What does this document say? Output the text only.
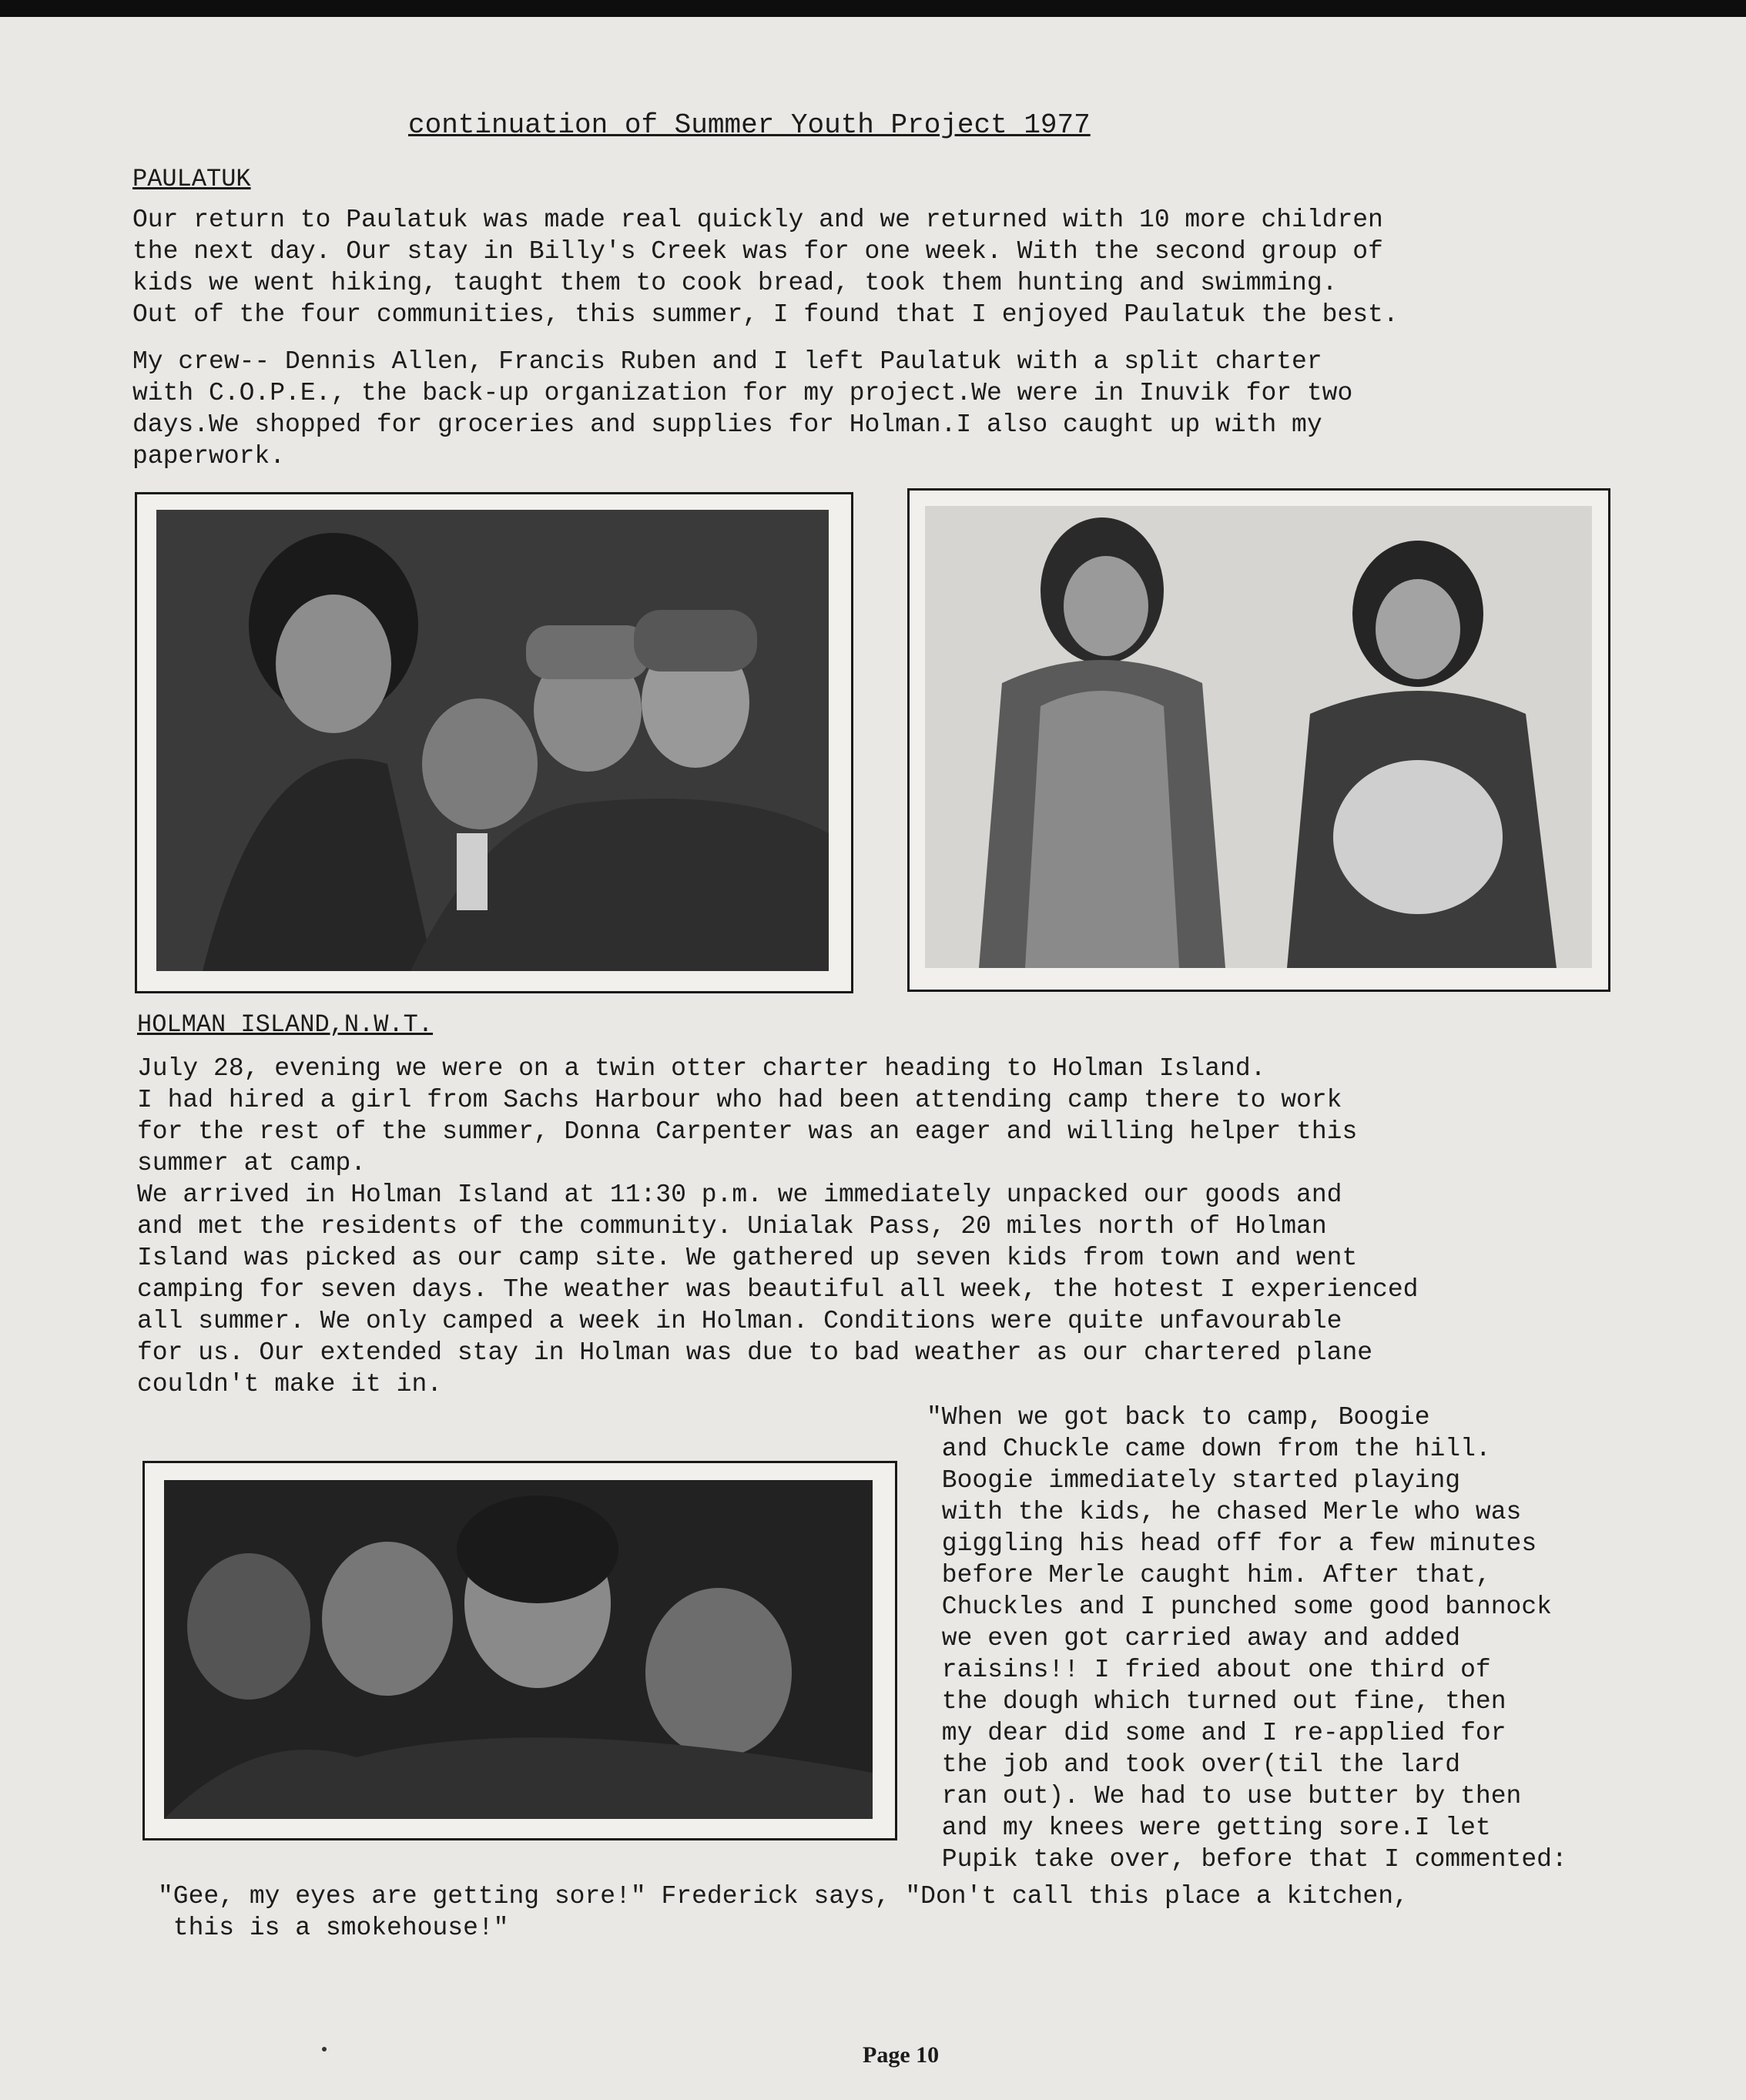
continuation of Summer Youth Project 1977
PAULATUK
Our return to Paulatuk was made real quickly and we returned with 10 more children
the next day. Our stay in Billy's Creek was for one week. With the second group of
kids we went hiking, taught them to cook bread, took them hunting and swimming.
Out of the four communities, this summer, I found that I enjoyed Paulatuk the best.
My crew-- Dennis Allen, Francis Ruben and I left Paulatuk with a split charter
with C.O.P.E., the back-up organization for my project.We were in Inuvik for two
days.We shopped for groceries and supplies for Holman.I also caught up with my
paperwork.
HOLMAN ISLAND,N.W.T.
July 28, evening we were on a twin otter charter heading to Holman Island.
I had hired a girl from Sachs Harbour who had been attending camp there to work
for the rest of the summer, Donna Carpenter was an eager and willing helper this
summer at camp.
We arrived in Holman Island at 11:30 p.m. we immediately unpacked our goods and
and met the residents of the community. Unialak Pass, 20 miles north of Holman
Island was picked as our camp site. We gathered up seven kids from town and went
camping for seven days. The weather was beautiful all week, the hotest I experienced
all summer. We only camped a week in Holman. Conditions were quite unfavourable
for us. Our extended stay in Holman was due to bad weather as our chartered plane
couldn't make it in.
"When we got back to camp, Boogie
and Chuckle came down from the hill.
Boogie immediately started playing
with the kids, he chased Merle who was
giggling his head off for a few minutes
before Merle caught him. After that,
Chuckles and I punched some good bannock
we even got carried away and added
raisins!! I fried about one third of
the dough which turned out fine, then
my dear did some and I re-applied for
the job and took over(til the lard
ran out). We had to use butter by then
and my knees were getting sore.I let
Pupik take over, before that I commented:
"Gee, my eyes are getting sore!" Frederick says, "Don't call this place a kitchen,
this is a smokehouse!"
Page 10
